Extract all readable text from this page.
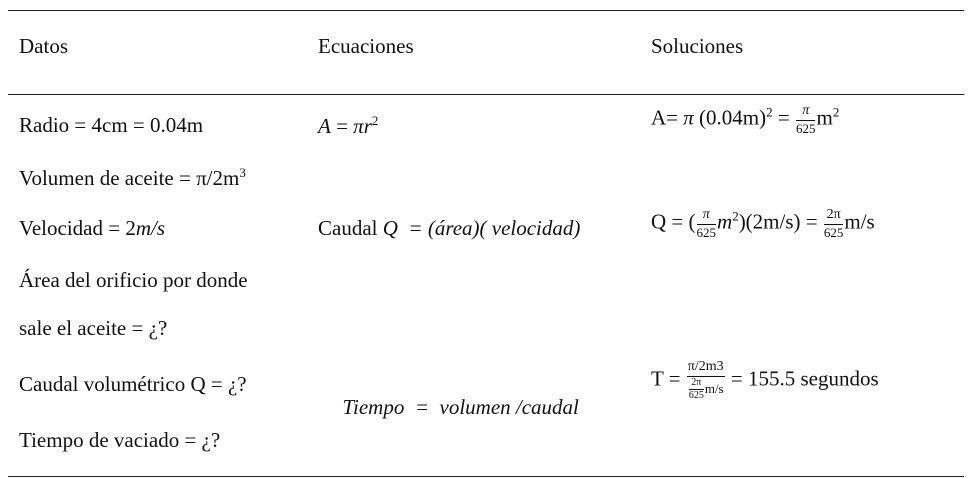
Datos	Ecuaciones	Soluciones
Radio = 4cm = 0.04m
Volumen de aceite = $\pi/2m^3$
Velocidad = 2m/s
Área del orificio por donde
sale el aceite = ¿?
Caudal volumétrico Q = ¿?
Tiempo de vaciado = ¿?
$A = \pi r^2$
Caudal Q  = (área)( velocidad)

Tiempo  =  volumen /caudal

A= π $(0.04m)^2 = \frac{\pi}{625} m^2$
Q = ( $\frac{\pi}{625} m^2)(2m/s) = \frac{2\pi}{625} m/s$
$T = \frac{\pi/2m3}{\frac{2\pi}{625} m/s} = 155.5$ segundos
